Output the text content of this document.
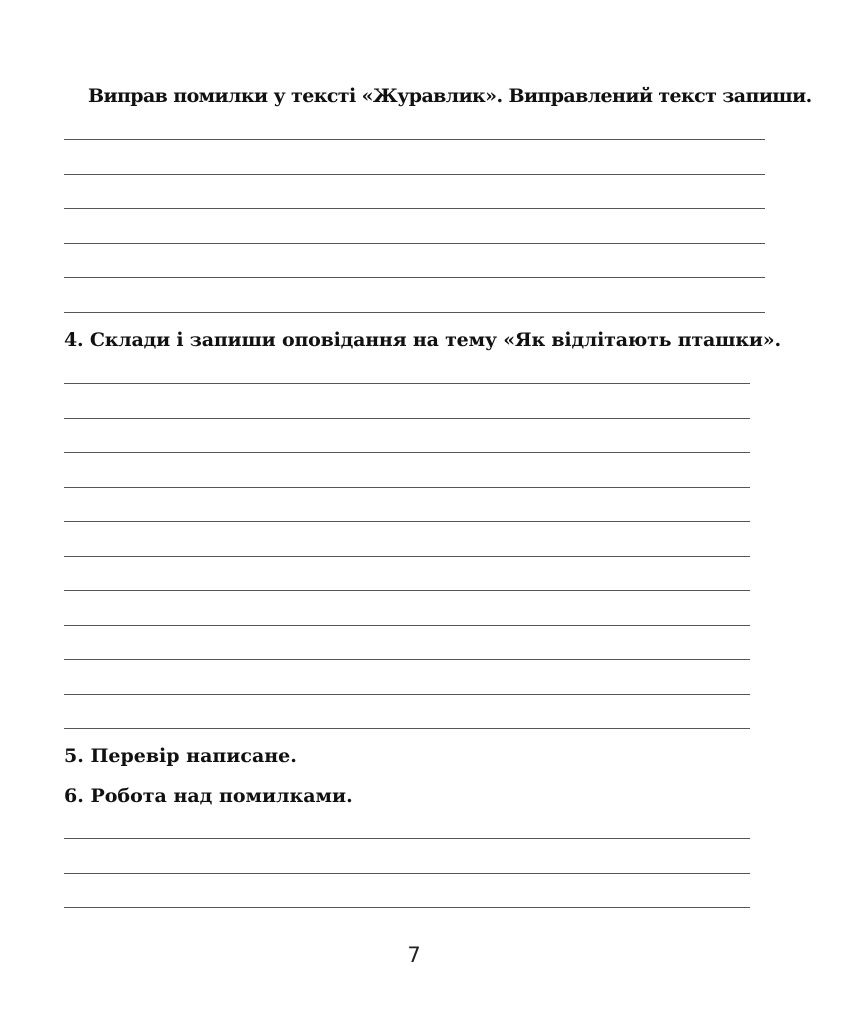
Виправ помилки у тексті «Журавлик». Виправлений текст запиши.
4. Склади і запиши оповідання на тему «Як відлітають пташки».
5. Перевір написане.
6. Робота над помилками.
7
